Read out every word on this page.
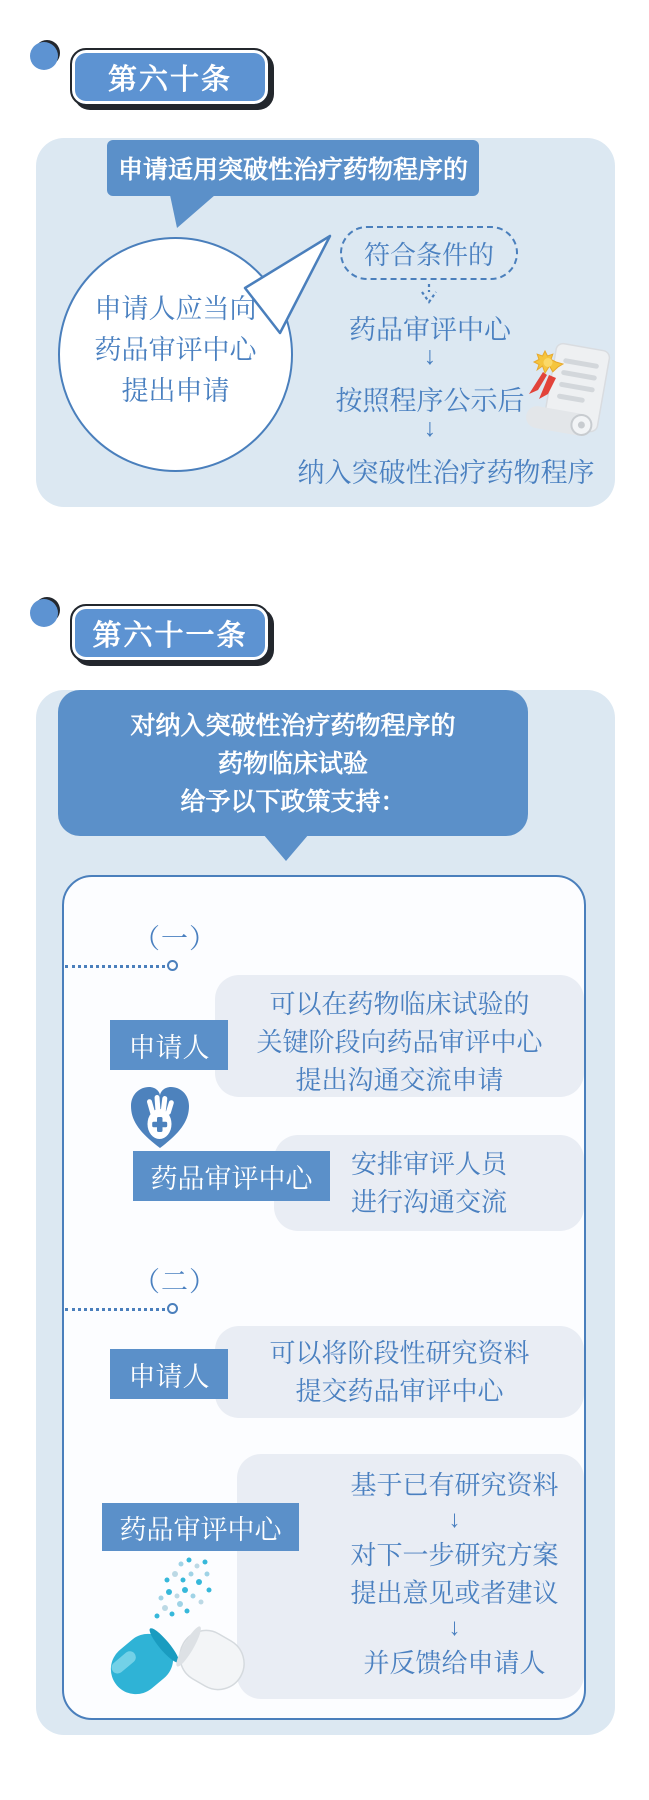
第六十条
申请适用突破性治疗药物程序的
申请人应当向
药品审评中心
提出申请
符合条件的
药品审评中心
↓
按照程序公示后
↓
纳入突破性治疗药物程序
第六十一条
对纳入突破性治疗药物程序的
药物临床试验
给予以下政策支持：
（一）
可以在药物临床试验的
关键阶段向药品审评中心
提出沟通交流申请
申请人
安排审评人员
进行沟通交流
药品审评中心
（二）
可以将阶段性研究资料
提交药品审评中心
申请人
基于已有研究资料
↓
对下一步研究方案
提出意见或者建议
↓
并反馈给申请人
药品审评中心
